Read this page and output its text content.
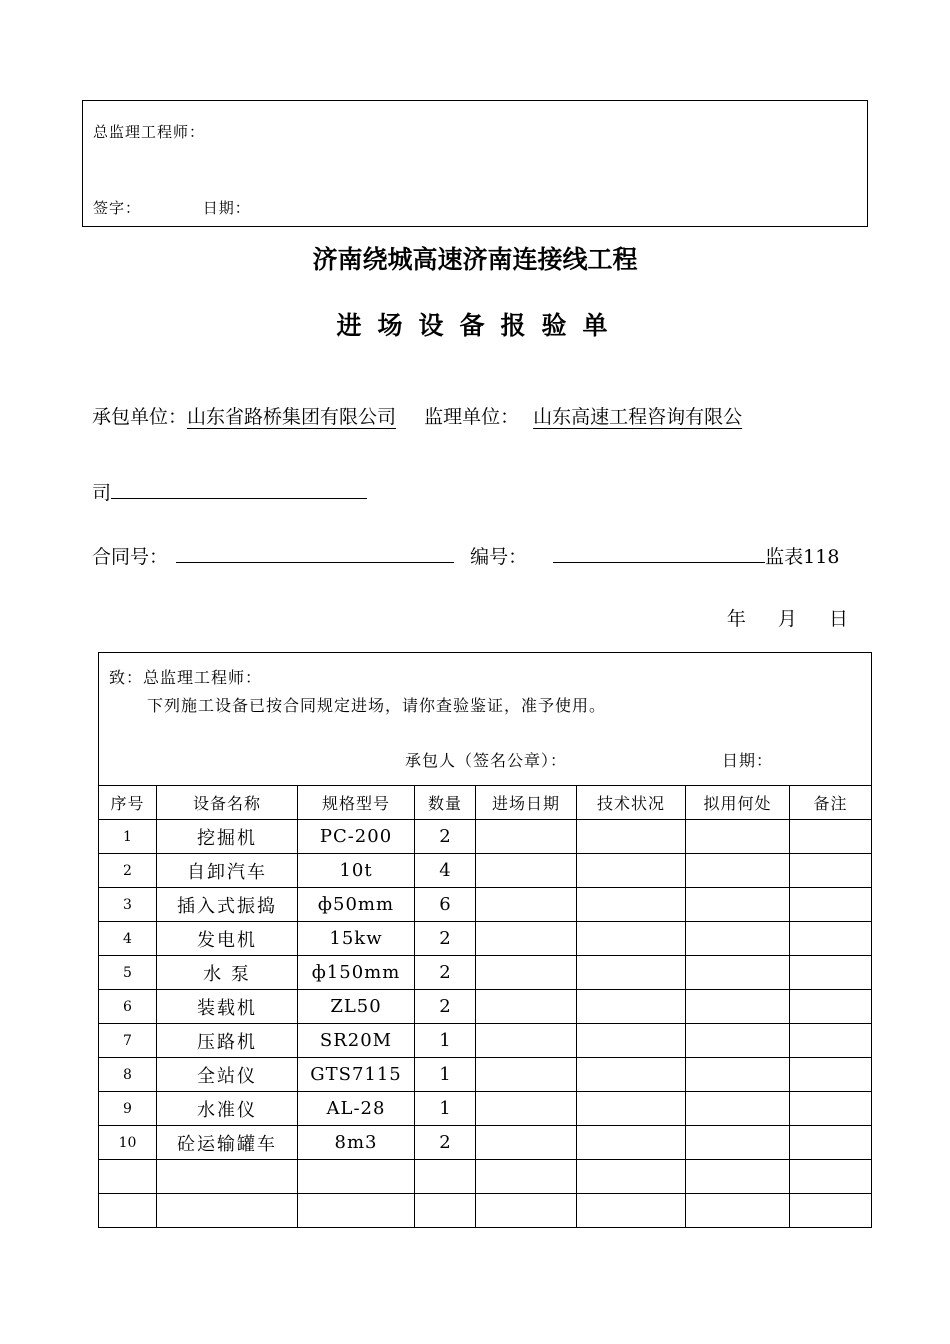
总监理工程师：
签字：	日期：
济南绕城高速济南连接线工程
进场设备报验单
承包单位：山东省路桥集团有限公司 监理单位： 山东高速工程咨询有限公
司
合同号：	编号：	监表118
年 月 日
致：总监理工程师：
下列施工设备已按合同规定进场，请你查验鉴证，准予使用。
承包人（签名公章）： 日期：							

序号	设备名称	规格型号	数量	进场日期	技术状况	拟用何处	备注
1	挖掘机	PC-200	2				
2	自卸汽车	10t	4				
3	插入式振捣	ф50mm	6				
4	发电机	15kw	2				
5	水 泵	ф150mm	2				
6	装载机	ZL50	2				
7	压路机	SR20M	1				
8	全站仪	GTS7115	1				
9	水准仪	AL-28	1				
10	砼运输罐车	8m3	2				
